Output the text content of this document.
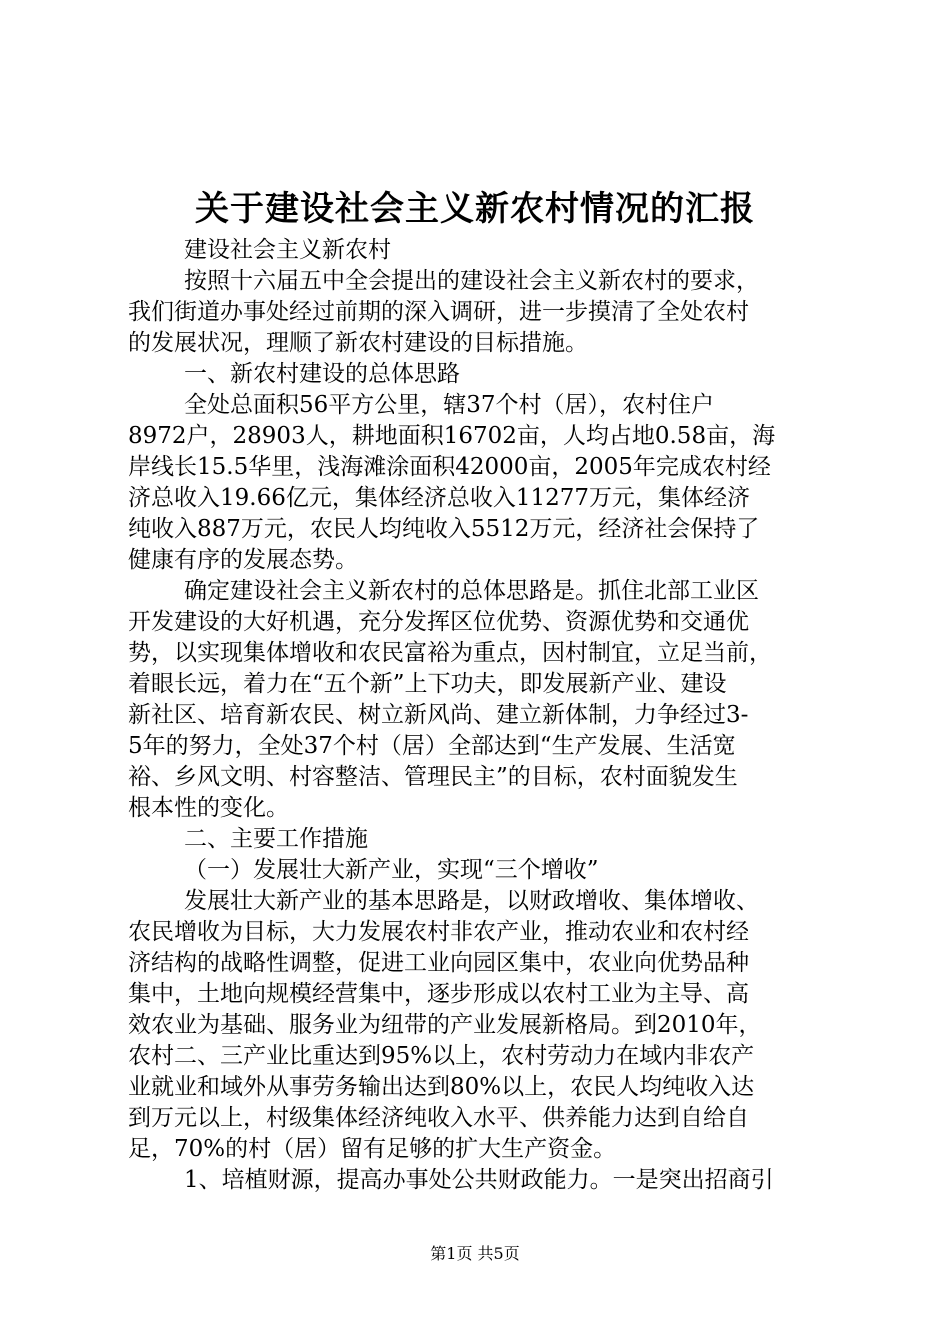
关于建设社会主义新农村情况的汇报
建设社会主义新农村
按照十六届五中全会提出的建设社会主义新农村的要求，
我们街道办事处经过前期的深入调研，进一步摸清了全处农村
的发展状况，理顺了新农村建设的目标措施。
一、新农村建设的总体思路
全处总面积56平方公里，辖37个村（居），农村住户
8972户，28903人，耕地面积16702亩，人均占地0.58亩，海
岸线长15.5华里，浅海滩涂面积42000亩，2005年完成农村经
济总收入19.66亿元，集体经济总收入11277万元，集体经济
纯收入887万元，农民人均纯收入5512万元，经济社会保持了
健康有序的发展态势。
确定建设社会主义新农村的总体思路是。抓住北部工业区
开发建设的大好机遇，充分发挥区位优势、资源优势和交通优
势，以实现集体增收和农民富裕为重点，因村制宜，立足当前，
着眼长远，着力在“五个新”上下功夫，即发展新产业、建设
新社区、培育新农民、树立新风尚、建立新体制，力争经过3-
5年的努力，全处37个村（居）全部达到“生产发展、生活宽
裕、乡风文明、村容整洁、管理民主”的目标，农村面貌发生
根本性的变化。
二、主要工作措施
（一）发展壮大新产业，实现“三个增收”
发展壮大新产业的基本思路是，以财政增收、集体增收、
农民增收为目标，大力发展农村非农产业，推动农业和农村经
济结构的战略性调整，促进工业向园区集中，农业向优势品种
集中，土地向规模经营集中，逐步形成以农村工业为主导、高
效农业为基础、服务业为纽带的产业发展新格局。到2010年，
农村二、三产业比重达到95%以上，农村劳动力在域内非农产
业就业和域外从事劳务输出达到80%以上，农民人均纯收入达
到万元以上，村级集体经济纯收入水平、供养能力达到自给自
足，70%的村（居）留有足够的扩大生产资金。
1、培植财源，提高办事处公共财政能力。一是突出招商引
第1页 共5页
